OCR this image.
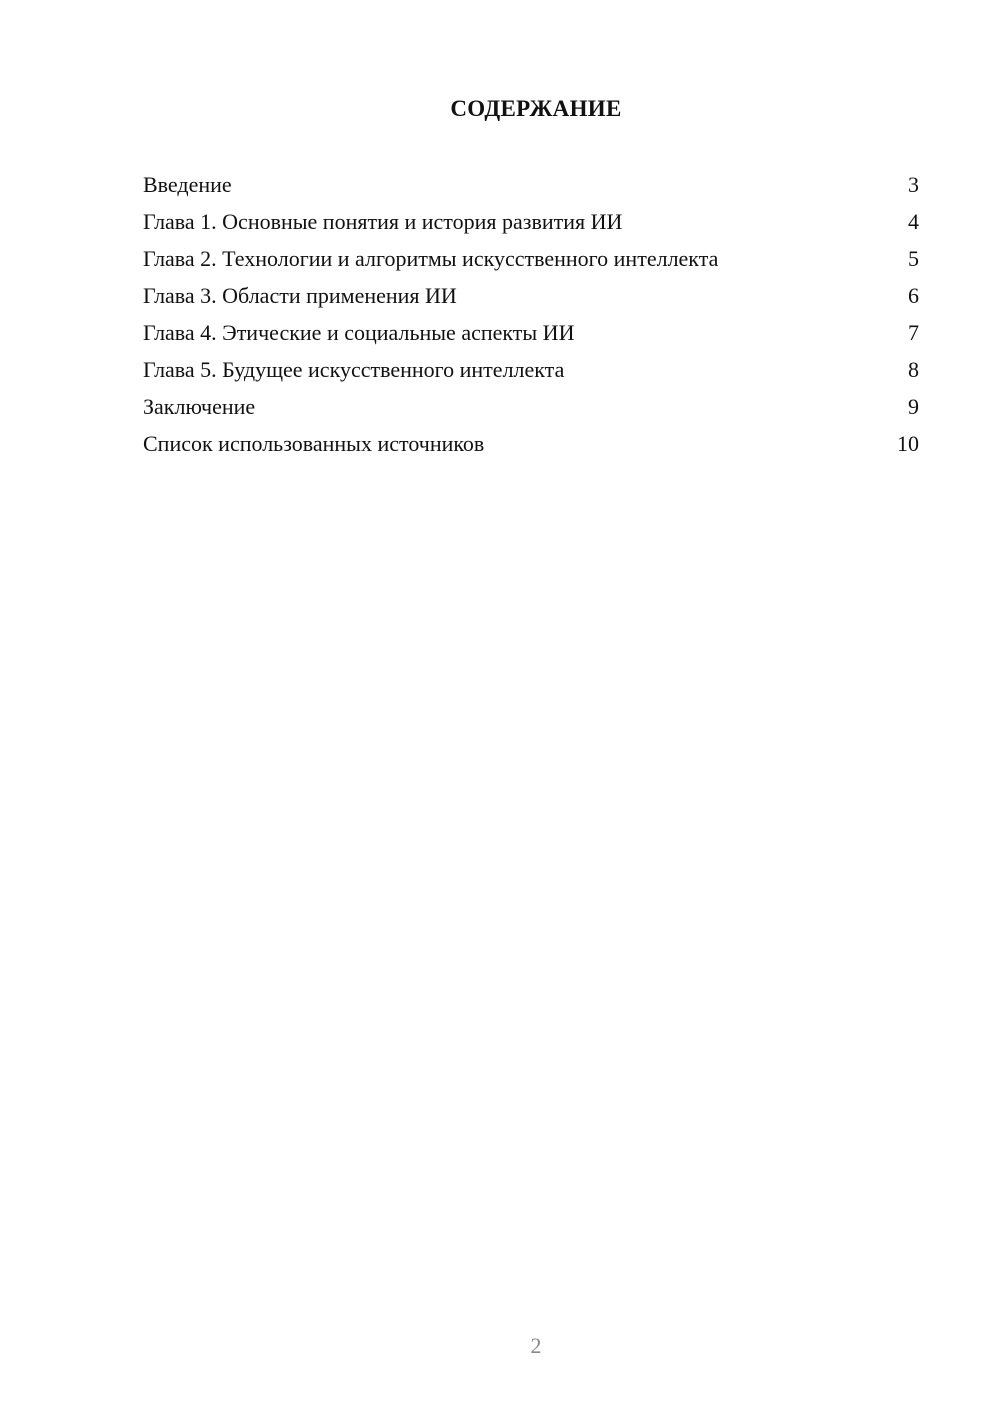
СОДЕРЖАНИЕ
Введение	3
Глава 1. Основные понятия и история развития ИИ	4
Глава 2. Технологии и алгоритмы искусственного интеллекта	5
Глава 3. Области применения ИИ	6
Глава 4. Этические и социальные аспекты ИИ	7
Глава 5. Будущее искусственного интеллекта	8
Заключение	9
Список использованных источников	10
2
